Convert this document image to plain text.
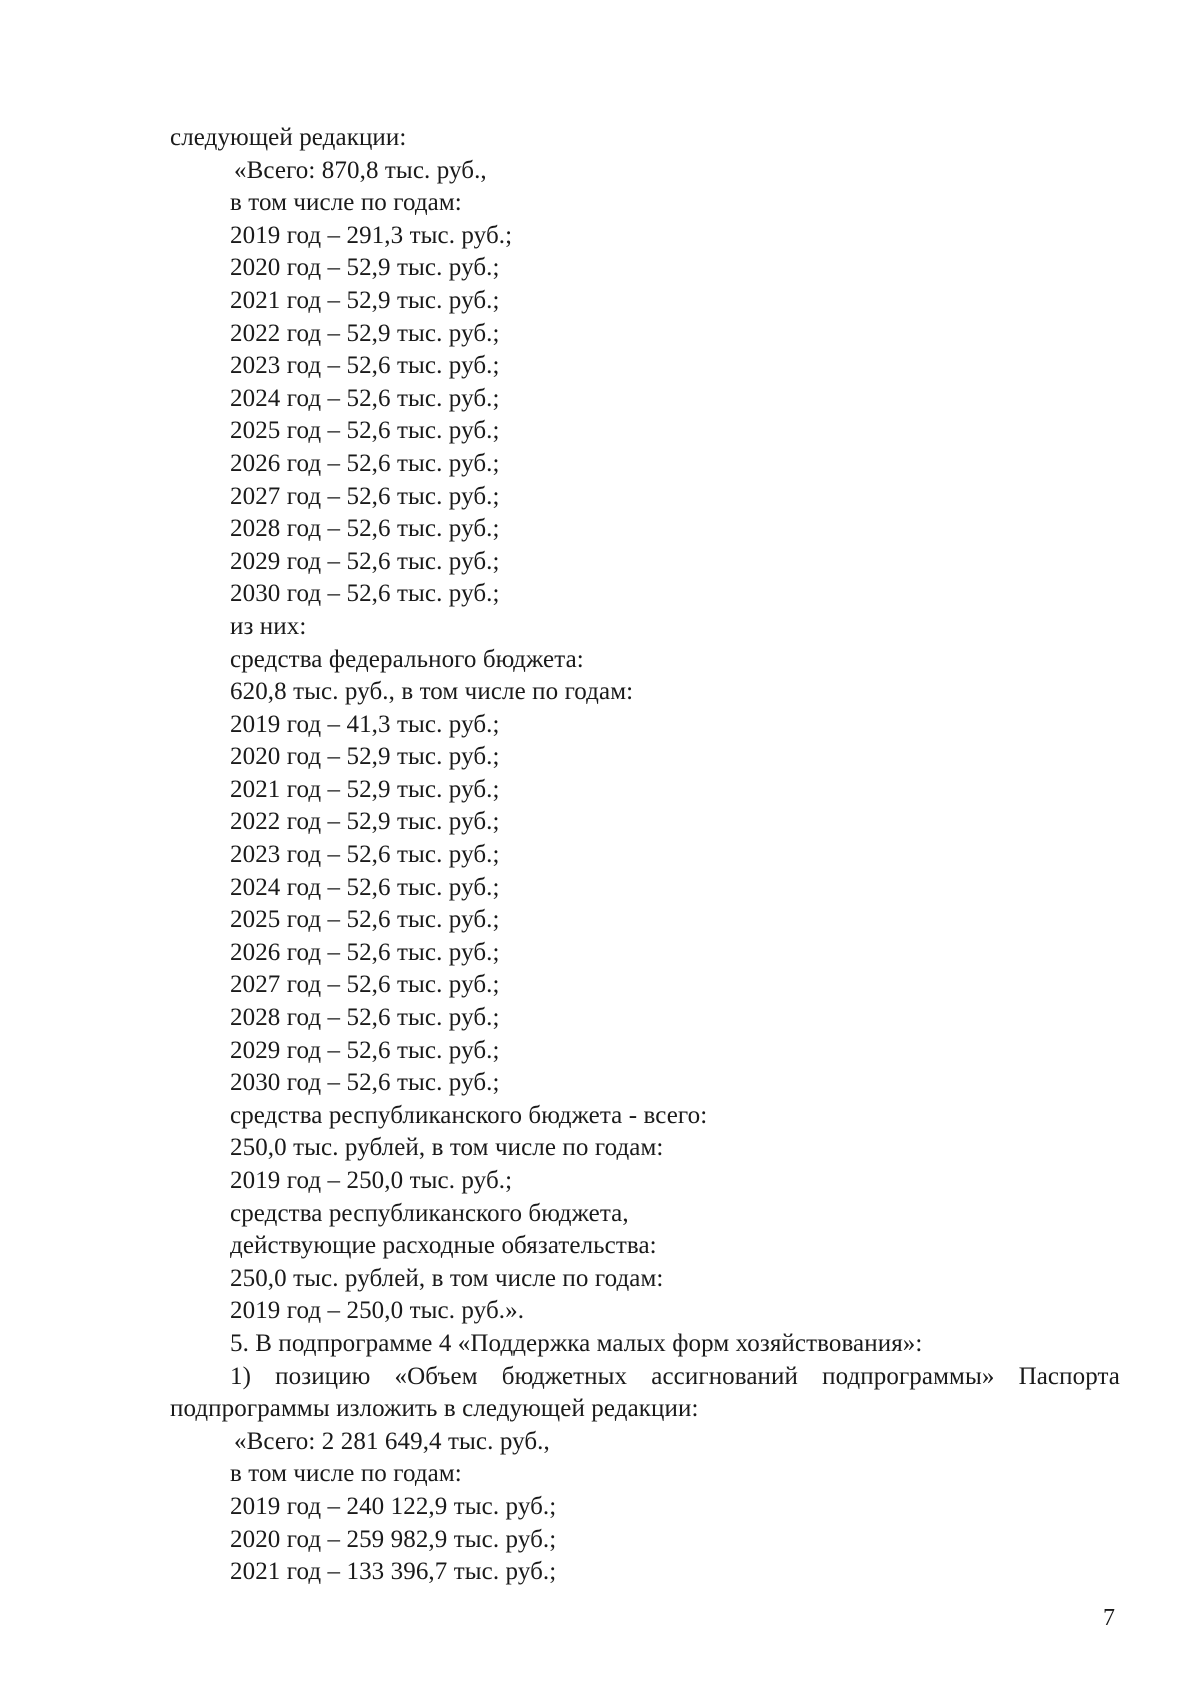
следующей редакции:
«Всего: 870,8 тыс. руб.,
в том числе по годам:
2019 год – 291,3 тыс. руб.;
2020 год – 52,9 тыс. руб.;
2021 год – 52,9 тыс. руб.;
2022 год – 52,9 тыс. руб.;
2023 год – 52,6 тыс. руб.;
2024 год – 52,6 тыс. руб.;
2025 год – 52,6 тыс. руб.;
2026 год – 52,6 тыс. руб.;
2027 год – 52,6 тыс. руб.;
2028 год – 52,6 тыс. руб.;
2029 год – 52,6 тыс. руб.;
2030 год – 52,6 тыс. руб.;
из них:
средства федерального бюджета:
620,8 тыс. руб., в том числе по годам:
2019 год – 41,3 тыс. руб.;
2020 год – 52,9 тыс. руб.;
2021 год – 52,9 тыс. руб.;
2022 год – 52,9 тыс. руб.;
2023 год – 52,6 тыс. руб.;
2024 год – 52,6 тыс. руб.;
2025 год – 52,6 тыс. руб.;
2026 год – 52,6 тыс. руб.;
2027 год – 52,6 тыс. руб.;
2028 год – 52,6 тыс. руб.;
2029 год – 52,6 тыс. руб.;
2030 год – 52,6 тыс. руб.;
средства республиканского бюджета - всего:
250,0 тыс. рублей, в том числе по годам:
2019 год – 250,0 тыс. руб.;
средства республиканского бюджета,
действующие расходные обязательства:
250,0 тыс. рублей, в том числе по годам:
2019 год – 250,0 тыс. руб.».
5. В подпрограмме 4 «Поддержка малых форм хозяйствования»:
1) позицию «Объем бюджетных ассигнований подпрограммы» Паспорта
подпрограммы изложить в следующей редакции:
«Всего: 2 281 649,4 тыс. руб.,
в том числе по годам:
2019 год – 240 122,9 тыс. руб.;
2020 год – 259 982,9 тыс. руб.;
2021 год – 133 396,7 тыс. руб.;
7
